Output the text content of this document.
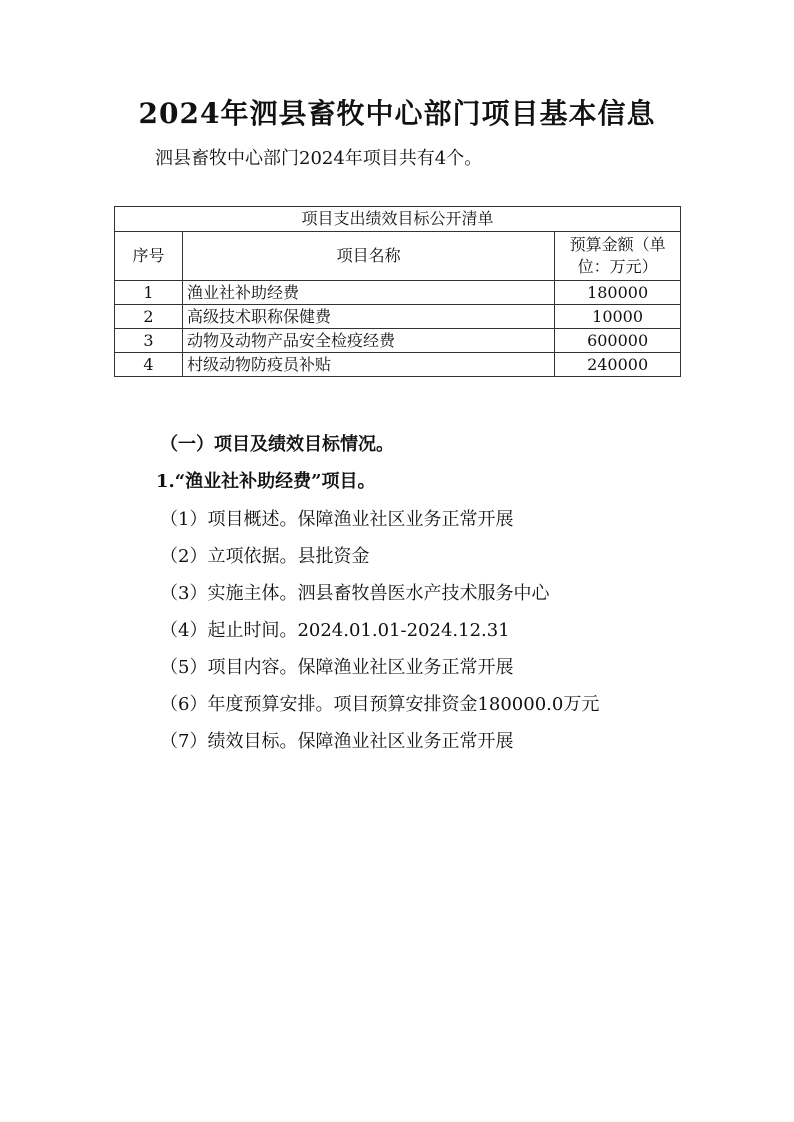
2024年泗县畜牧中心部门项目基本信息
泗县畜牧中心部门2024年项目共有4个。
项目支出绩效目标公开清单		
序号	项目名称	预算金额（单位：万元）
1	渔业社补助经费	180000
2	高级技术职称保健费	10000
3	动物及动物产品安全检疫经费	600000
4	村级动物防疫员补贴	240000
（一）项目及绩效目标情况。
1.“渔业社补助经费”项目。
（1）项目概述。保障渔业社区业务正常开展
（2）立项依据。县批资金
（3）实施主体。泗县畜牧兽医水产技术服务中心
（4）起止时间。2024.01.01-2024.12.31
（5）项目内容。保障渔业社区业务正常开展
（6）年度预算安排。项目预算安排资金180000.0万元
（7）绩效目标。保障渔业社区业务正常开展
